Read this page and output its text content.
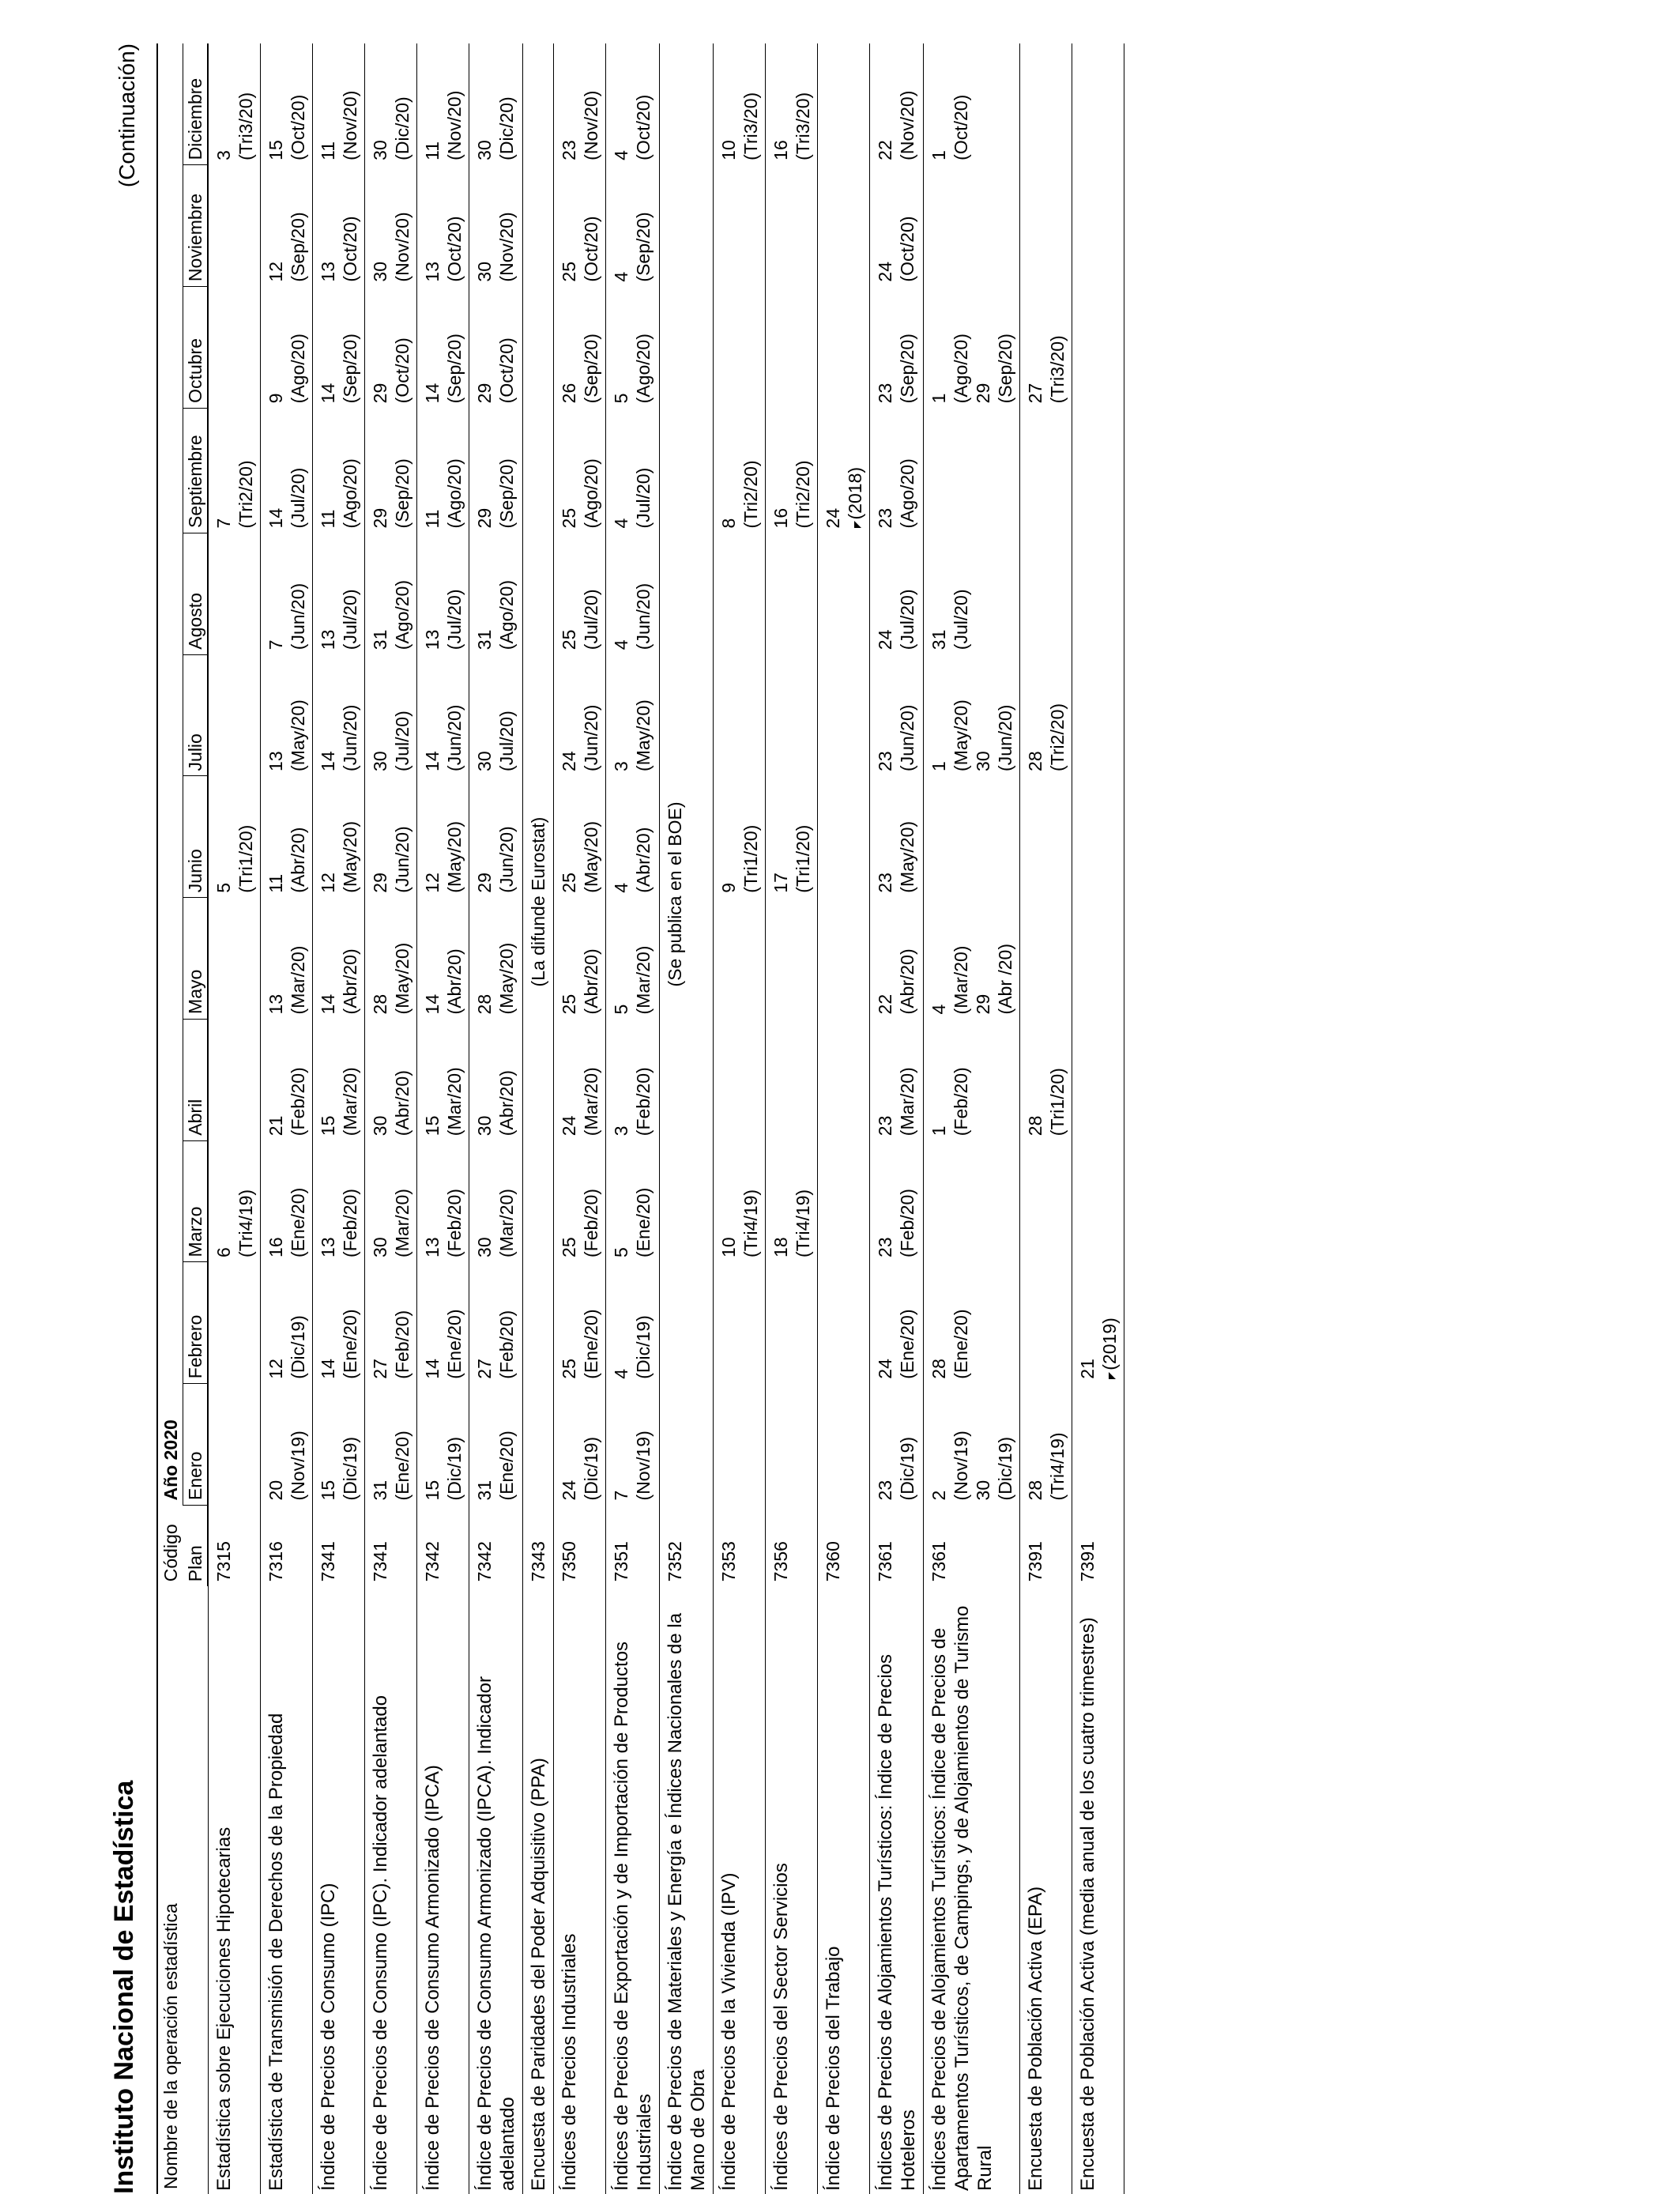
Instituto Nacional de Estadística
(Continuación)
Nombre de la operación estadística	Código	Año 2020											
	Plan	Enero	Febrero	Marzo	Abril	Mayo	Junio	Julio	Agosto	Septiembre	Octubre	Noviembre	Diciembre
Estadística sobre Ejecuciones Hipotecarias	7315			6 (Tri4/19)			5 (Tri1/20)			7 (Tri2/20)			3 (Tri3/20)

Estadística de Transmisión de Derechos de la Propiedad	7316	20 (Nov/19)	12 (Dic/19)	16 (Ene/20)	21 (Feb/20)	13 (Mar/20)	11 (Abr/20)	13 (May/20)	7 (Jun/20)	14 (Jul/20)	9 (Ago/20)	12 (Sep/20)	15 (Oct/20)

Índice de Precios de Consumo (IPC)	7341	15 (Dic/19)	14 (Ene/20)	13 (Feb/20)	15 (Mar/20)	14 (Abr/20)	12 (May/20)	14 (Jun/20)	13 (Jul/20)	11 (Ago/20)	14 (Sep/20)	13 (Oct/20)	11 (Nov/20)

Índice de Precios de Consumo (IPC). Indicador adelantado	7341	31 (Ene/20)	27 (Feb/20)	30 (Mar/20)	30 (Abr/20)	28 (May/20)	29 (Jun/20)	30 (Jul/20)	31 (Ago/20)	29 (Sep/20)	29 (Oct/20)	30 (Nov/20)	30 (Dic/20)

Índice de Precios de Consumo Armonizado (IPCA)	7342	15 (Dic/19)	14 (Ene/20)	13 (Feb/20)	15 (Mar/20)	14 (Abr/20)	12 (May/20)	14 (Jun/20)	13 (Jul/20)	11 (Ago/20)	14 (Sep/20)	13 (Oct/20)	11 (Nov/20)

Índice de Precios de Consumo Armonizado (IPCA). Indicador adelantado	7342	31 (Ene/20)	27 (Feb/20)	30 (Mar/20)	30 (Abr/20)	28 (May/20)	29 (Jun/20)	30 (Jul/20)	31 (Ago/20)	29 (Sep/20)	29 (Oct/20)	30 (Nov/20)	30 (Dic/20)

Encuesta de Paridades del Poder Adquisitivo (PPA)	7343	(La difunde Eurostat)											
Índices de Precios Industriales	7350	24 (Dic/19)	25 (Ene/20)	25 (Feb/20)	24 (Mar/20)	25 (Abr/20)	25 (May/20)	24 (Jun/20)	25 (Jul/20)	25 (Ago/20)	26 (Sep/20)	25 (Oct/20)	23 (Nov/20)

Índices de Precios de Exportación y de Importación de Productos Industriales	7351	7 (Nov/19)	4 (Dic/19)	5 (Ene/20)	3 (Feb/20)	5 (Mar/20)	4 (Abr/20)	3 (May/20)	4 (Jun/20)	4 (Jul/20)	5 (Ago/20)	4 (Sep/20)	4 (Oct/20)

Índice de Precios de Materiales y Energía e Índices Nacionales de la Mano de Obra	7352	(Se publica en el BOE)											
Índice de Precios de la Vivienda (IPV)	7353			10 (Tri4/19)			9 (Tri1/20)			8 (Tri2/20)			10 (Tri3/20)

Índices de Precios del Sector Servicios	7356			18 (Tri4/19)			17 (Tri1/20)			16 (Tri2/20)			16 (Tri3/20)

Índice de Precios del Trabajo	7360									24 (2018)			

Índices de Precios de Alojamientos Turísticos: Índice de Precios Hoteleros	7361	23 (Dic/19)	24 (Ene/20)	23 (Feb/20)	23 (Mar/20)	22 (Abr/20)	23 (May/20)	23 (Jun/20)	24 (Jul/20)	23 (Ago/20)	23 (Sep/20)	24 (Oct/20)	22 (Nov/20)

Índices de Precios de Alojamientos Turísticos: Índice de Precios de Apartamentos Turísticos, de Campings, y de Alojamientos de Turismo Rural	7361	2 (Nov/19) 30 (Dic/19)	28 (Ene/20)		1 (Feb/20)	4 (Mar/20) 29 (Abr /20)		1 (May/20) 30 (Jun/20)	31 (Jul/20)		1 (Ago/20) 29 (Sep/20)		1 (Oct/20)

Encuesta de Población Activa (EPA)	7391	28 (Tri4/19)			28 (Tri1/20)			28 (Tri2/20)			27 (Tri3/20)		

Encuesta de Población Activa (media anual de los cuatro trimestres)	7391		21 (2019)										
